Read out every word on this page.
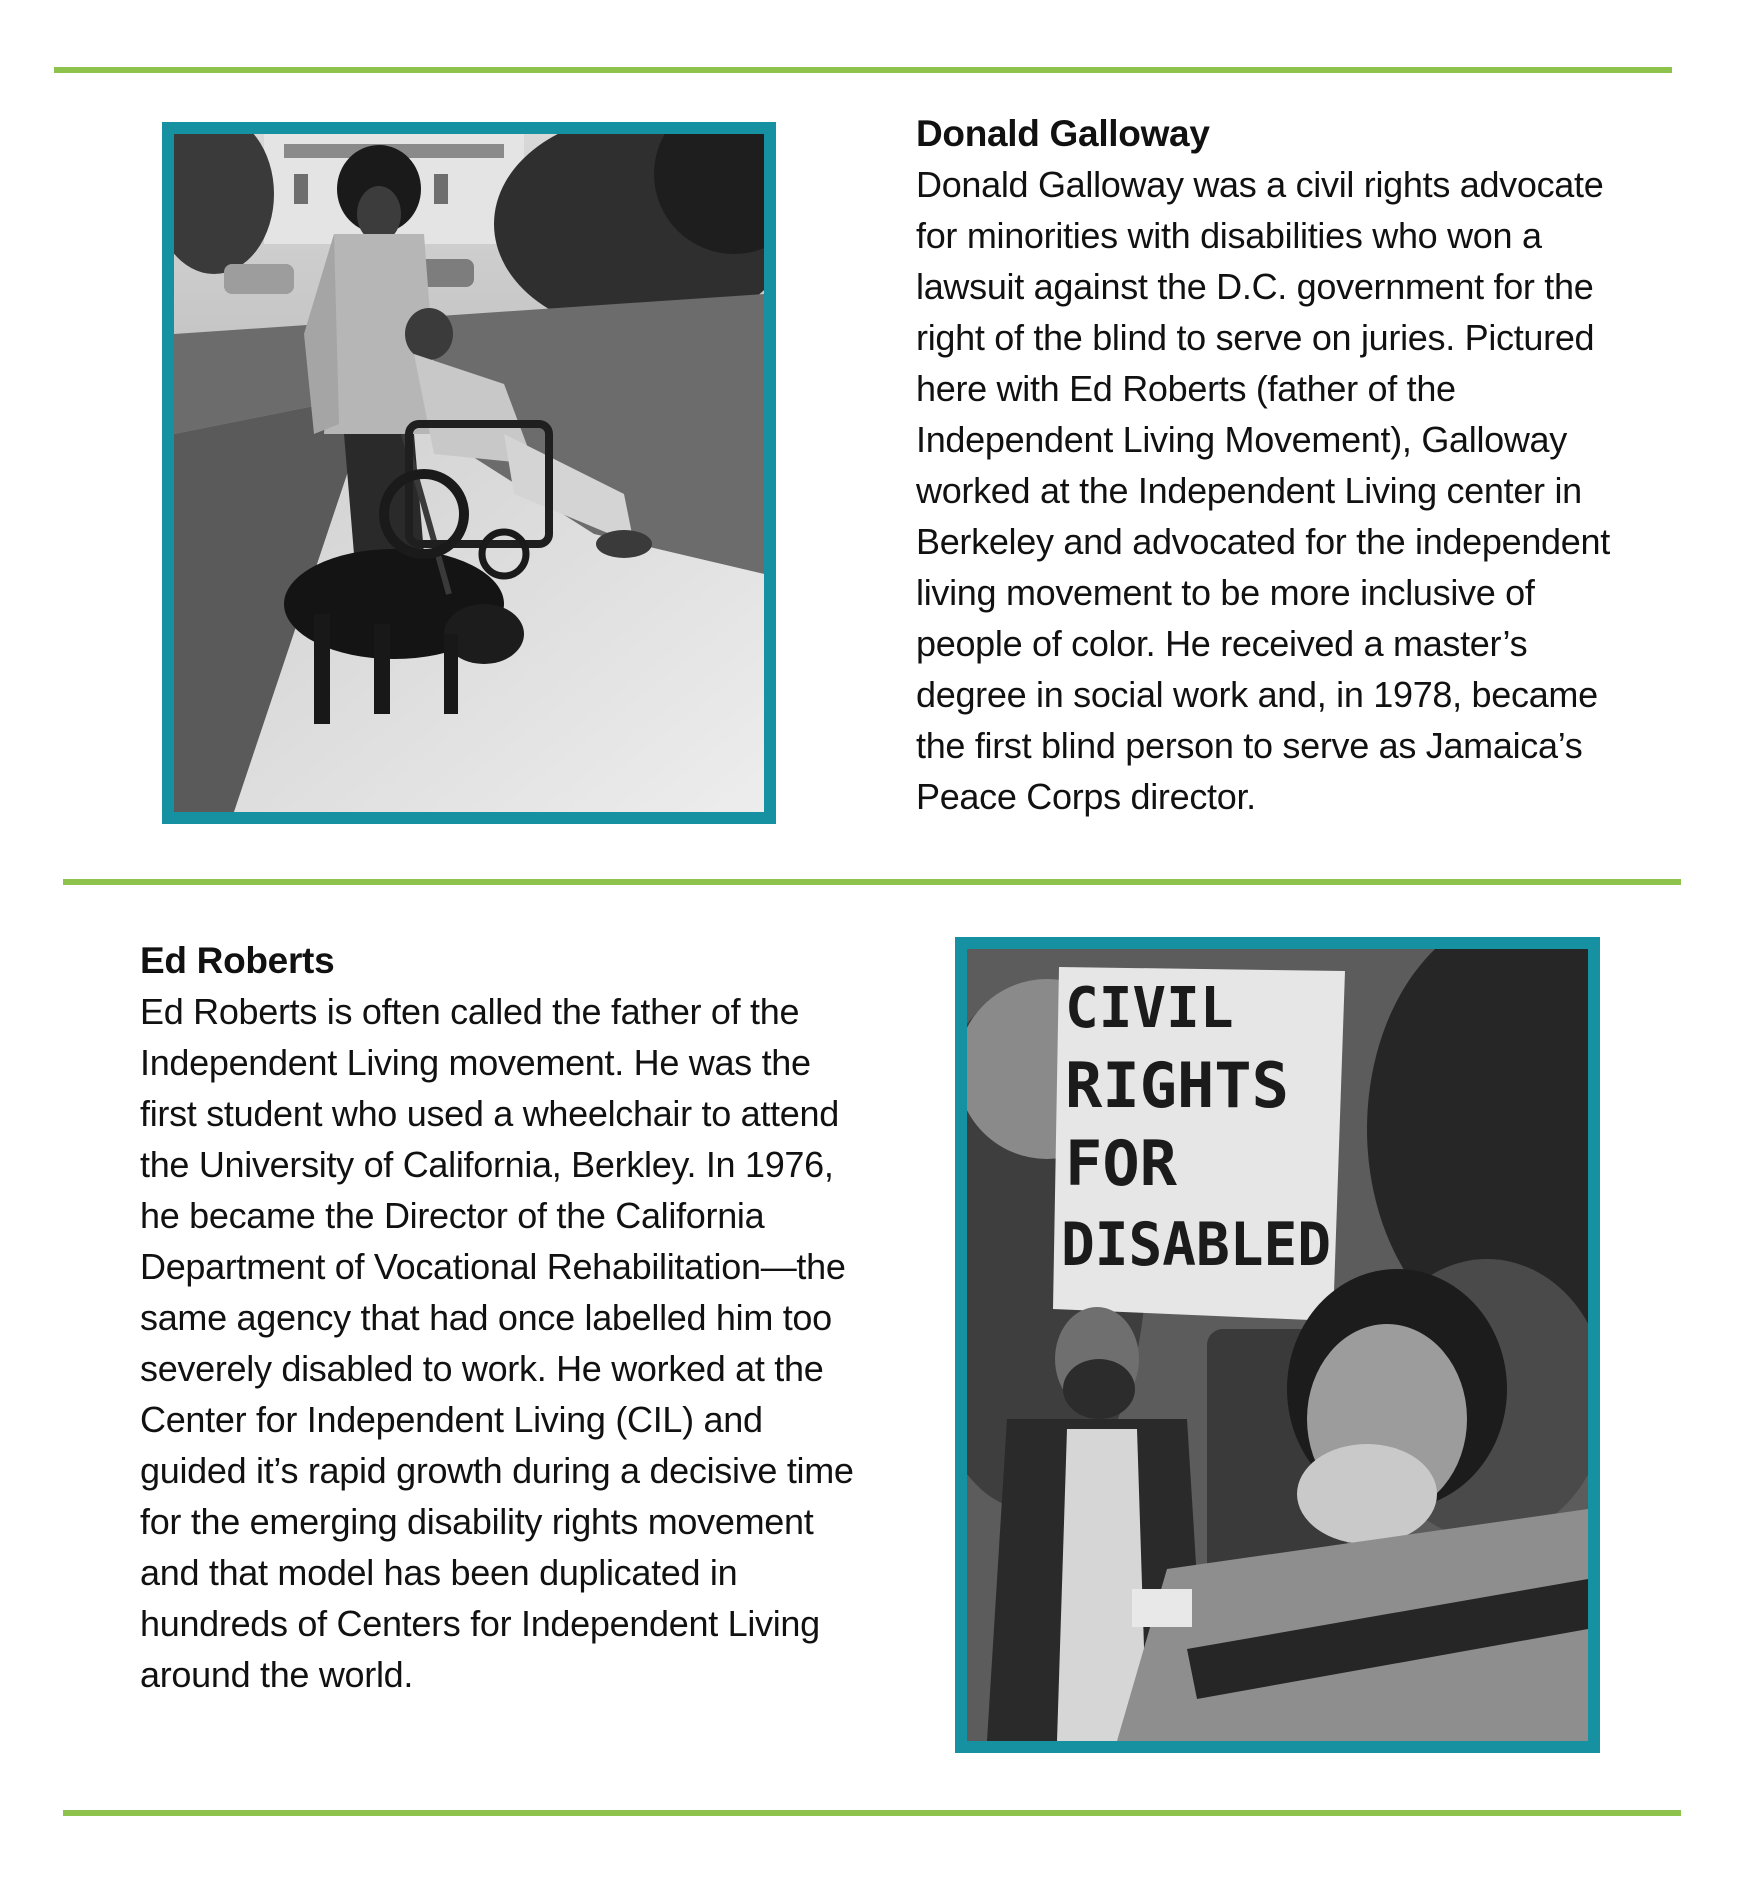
Donald Galloway
Donald Galloway was a civil rights advocate for minorities with disabilities who won a lawsuit against the D.C. government for the right of the blind to serve on juries. Pictured here with Ed Roberts (father of the Independent Living Movement), Galloway worked at the Independent Living center in Berkeley and advocated for the independent living movement to be more inclusive of people of color. He received a master’s degree in social work and, in 1978, became the first blind person to serve as Jamaica’s Peace Corps director.
Ed Roberts
Ed Roberts is often called the father of the Independent Living movement. He was the first student who used a wheelchair to attend the University of California, Berkley. In 1976, he became the Director of the California Department of Vocational Rehabilitation—the same agency that had once labelled him too severely disabled to work. He worked at the Center for Independent Living (CIL) and guided it’s rapid growth during a decisive time for the emerging disability rights movement and that model has been duplicated in hundreds of Centers for Independent Living around the world.
CIVIL
RIGHTS
FOR
DISABLED
